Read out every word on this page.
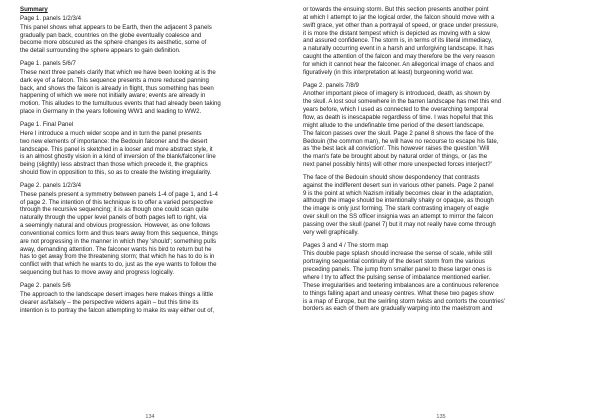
Summary
Page 1. panels 1/2/3/4

This panel shows what appears to be Earth, then the adjacent 3 panels
gradually pan back, countries on the globe eventually coalesce and
become more obscured as the sphere changes its aesthetic, some of
the detail surrounding the sphere appears to gain definition.

Page 1. panels 5/6/7

These next three panels clarify that which we have been looking at is the
dark eye of a falcon. This sequence presents a more reduced panning
back, and shows the falcon is already in flight, thus something has been
happening of which we were not initially aware; events are already in
motion. This alludes to the tumultuous events that had already been taking
place in Germany in the years following WW1 and leading to WW2.

Page 1. Final Panel

Here I introduce a much wider scope and in turn the panel presents
two new elements of importance: the Bedouin falconer and the desert
landscape. This panel is sketched in a looser and more abstract style, it
is an almost ghostly vision in a kind of inversion of the blank/falconer line
being (slightly) less abstract than those which precede it, the graphics
should flow in opposition to this, so as to create the twisting irregularity.

Page 2. panels 1/2/3/4

These panels present a symmetry between panels 1-4 of page 1, and 1-4
of page 2. The intention of this technique is to offer a varied perspective
through the recursive sequencing; it is as though one could scan quite
naturally through the upper level panels of both pages left to right, via
a seemingly natural and obvious progression. However, as one follows
conventional comics form and thus tears away from this sequence, things
are not progressing in the manner in which they 'should'; something pulls
away, demanding attention. The falconer wants his bird to return but he
has to get away from the threatening storm; that which he has to do is in
conflict with that which he wants to do, just as the eye wants to follow the
sequencing but has to move away and progress logically.

Page 2. panels 5/6

The approach to the landscape desert images here makes things a little
clearer as/falsely – the perspective widens again – but this time its
intention is to portray the falcon attempting to make its way either out of,

134

or towards the ensuing storm. But this section presents another point
at which I attempt to jar the logical order, the falcon should move with a
swift grace, yet other than a portrayal of speed, or grace under pressure,
it is more the distant tempest which is depicted as moving with a slow
and assured confidence. The storm is, in terms of its literal immediacy,
a naturally occurring event in a harsh and unforgiving landscape. It has
caught the attention of the falcon and may therefore be the very reason
for which it cannot hear the falconer. An allegorical image of chaos and
figuratively (in this interpretation at least) burgeoning world war.

Page 2. panels 7/8/9

Another important piece of imagery is introduced, death, as shown by
the skull. A lost soul somewhere in the barren landscape has met this end
years before, which I used as connected to the overarching temporal
flow, as death is inescapable regardless of time. I was hopeful that this
might allude to the undefinable time period of the desert landscape.
The falcon passes over the skull. Page 2 panel 8 shows the face of the
Bedouin (the common man), he will have no recourse to escape his fate,
as 'the best lack all conviction'. This however raises the question 'Will
the man's fate be brought about by natural order of things, or (as the
next panel possibly hints) will other more unexpected forces interject?'

The face of the Bedouin should show despondency that contrasts
against the indifferent desert sun in various other panels. Page 2 panel
9 is the point at which Nazism initially becomes clear in the adaptation,
although the image should be intentionally shaky or opaque, as though
the image is only just forming. The stark contrasting imagery of eagle
over skull on the SS officer insignia was an attempt to mirror the falcon
passing over the skull (panel 7) but it may not really have come through
very well graphically.

Pages 3 and 4 / The storm map

This double page splash should increase the sense of scale, while still
portraying sequential continuity of the desert storm from the various
preceding panels. The jump from smaller panel to these larger ones is
where I try to affect the pulsing sense of imbalance mentioned earlier.
These irregularities and teetering imbalances are a continuous reference
to things falling apart and uneasy centres. What these two pages show
is a map of Europe, but the swirling storm twists and contorts the countries'
borders as each of them are gradually warping into the maelstrom and

135
